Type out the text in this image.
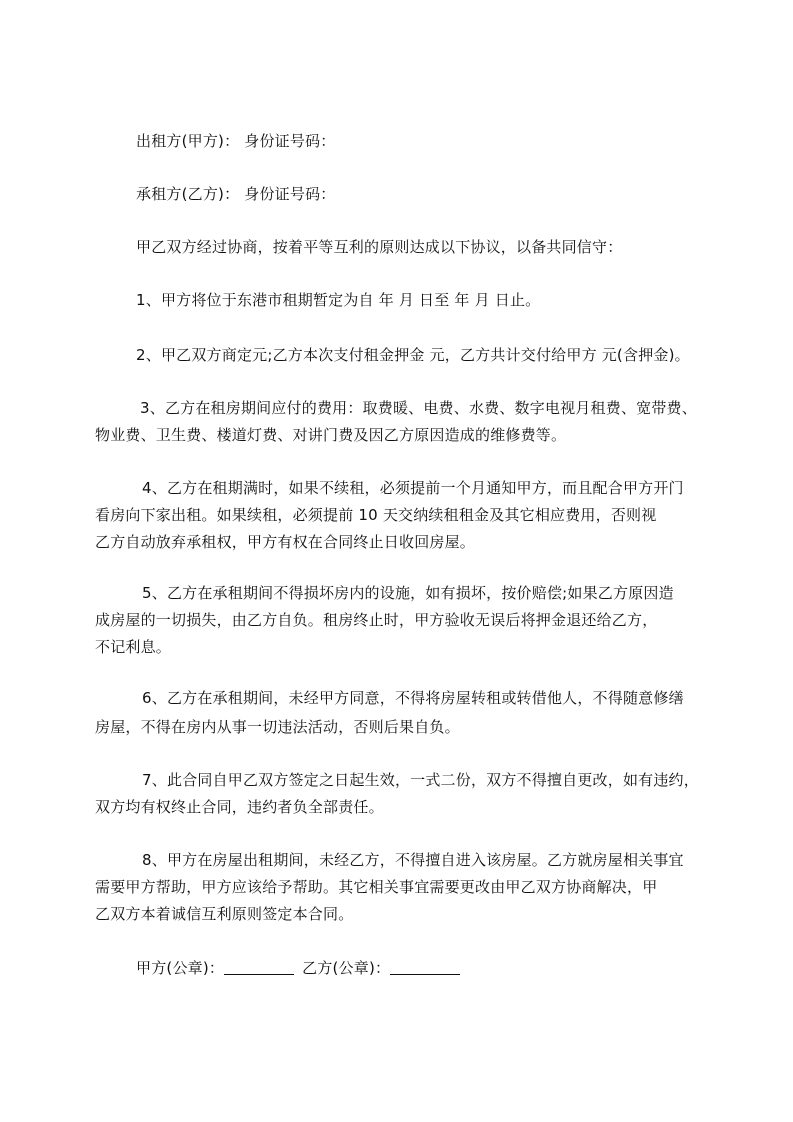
出租方(甲方)： 身份证号码：
承租方(乙方)： 身份证号码：
甲乙双方经过协商，按着平等互利的原则达成以下协议，以备共同信守：
1、甲方将位于东港市租期暂定为自 年 月 日至 年 月 日止。
2、甲乙双方商定元;乙方本次支付租金押金 元，乙方共计交付给甲方 元(含押金)。
3、乙方在租房期间应付的费用：取费暖、电费、水费、数字电视月租费、宽带费、
物业费、卫生费、楼道灯费、对讲门费及因乙方原因造成的维修费等。
4、乙方在租期满时，如果不续租，必须提前一个月通知甲方，而且配合甲方开门
看房向下家出租。如果续租，必须提前 10 天交纳续租租金及其它相应费用，否则视
乙方自动放弃承租权，甲方有权在合同终止日收回房屋。
5、乙方在承租期间不得损坏房内的设施，如有损坏，按价赔偿;如果乙方原因造
成房屋的一切损失，由乙方自负。租房终止时，甲方验收无误后将押金退还给乙方，
不记利息。
6、乙方在承租期间，未经甲方同意，不得将房屋转租或转借他人，不得随意修缮
房屋，不得在房内从事一切违法活动，否则后果自负。
7、此合同自甲乙双方签定之日起生效，一式二份，双方不得擅自更改，如有违约，
双方均有权终止合同，违约者负全部责任。
8、甲方在房屋出租期间，未经乙方，不得擅自进入该房屋。乙方就房屋相关事宜
需要甲方帮助，甲方应该给予帮助。其它相关事宜需要更改由甲乙双方协商解决，甲
乙双方本着诚信互利原则签定本合同。
甲方(公章)：	乙方(公章)：
